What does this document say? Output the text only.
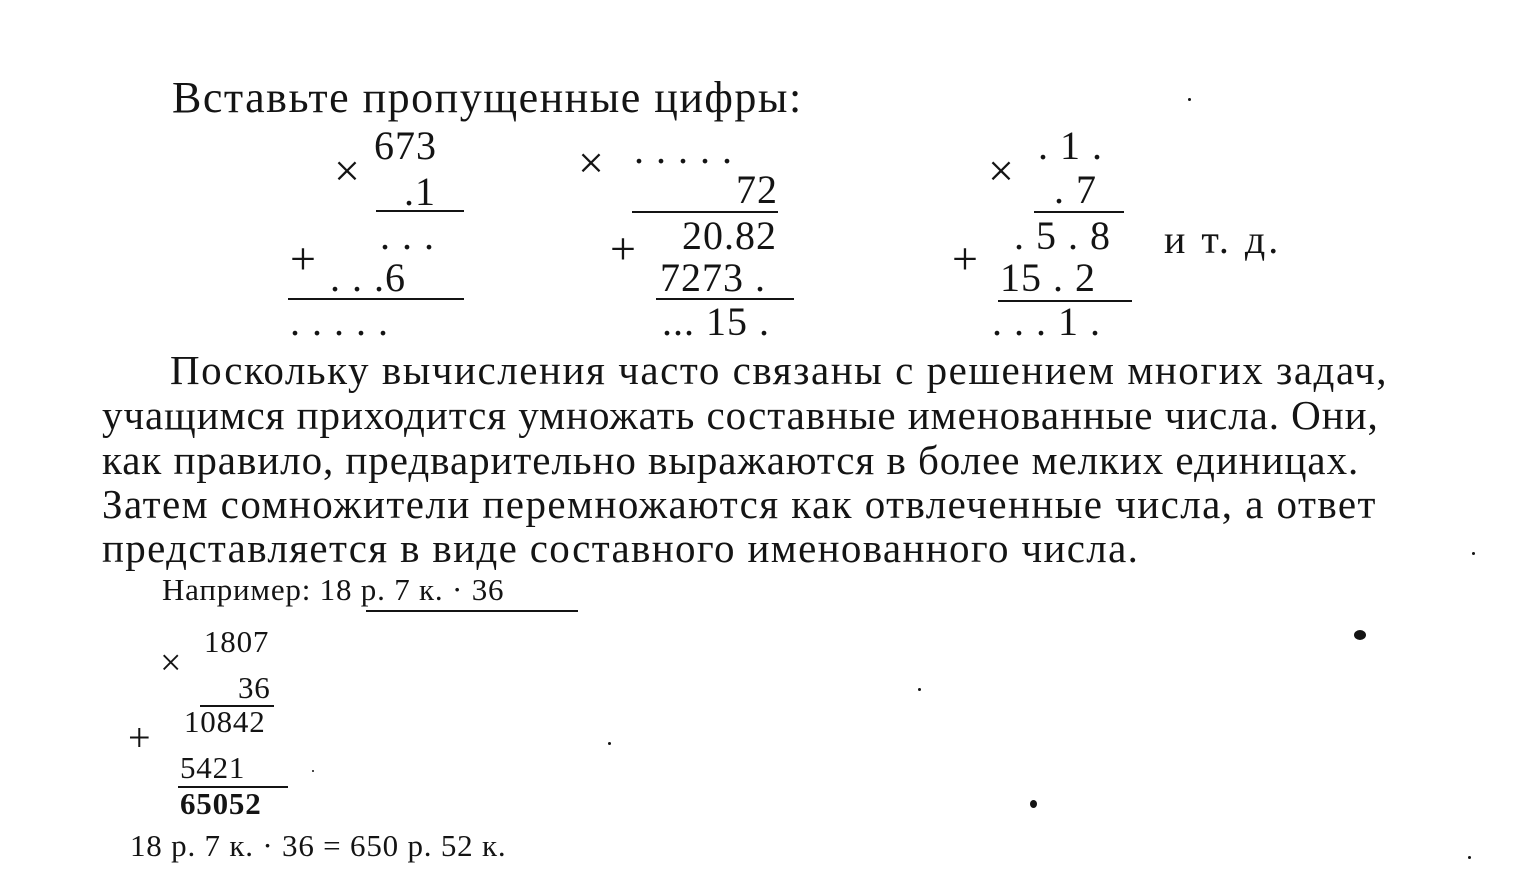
Вставьте пропущенные цифры:
× 673
.1
. . .
+ . . .6
. . . . .
× . . . . .
72
+ 20.82
7273 .
... 15 .
× . 1 .
. 7
+ . 5 . 8
15 . 2
. . . 1 .
и т. д.
Поскольку вычисления часто связаны с решением многих задач,
учащимся приходится умножать составные именованные числа. Они,
как правило, предварительно выражаются в более мелких единицах.
Затем сомножители перемножаются как отвлеченные числа, а ответ
представляется в виде составного именованного числа.
Например: 18 р. 7 к. · 36
×
1807
36
+ 10842
5421
65052
18 р. 7 к. · 36 = 650 р. 52 к.
